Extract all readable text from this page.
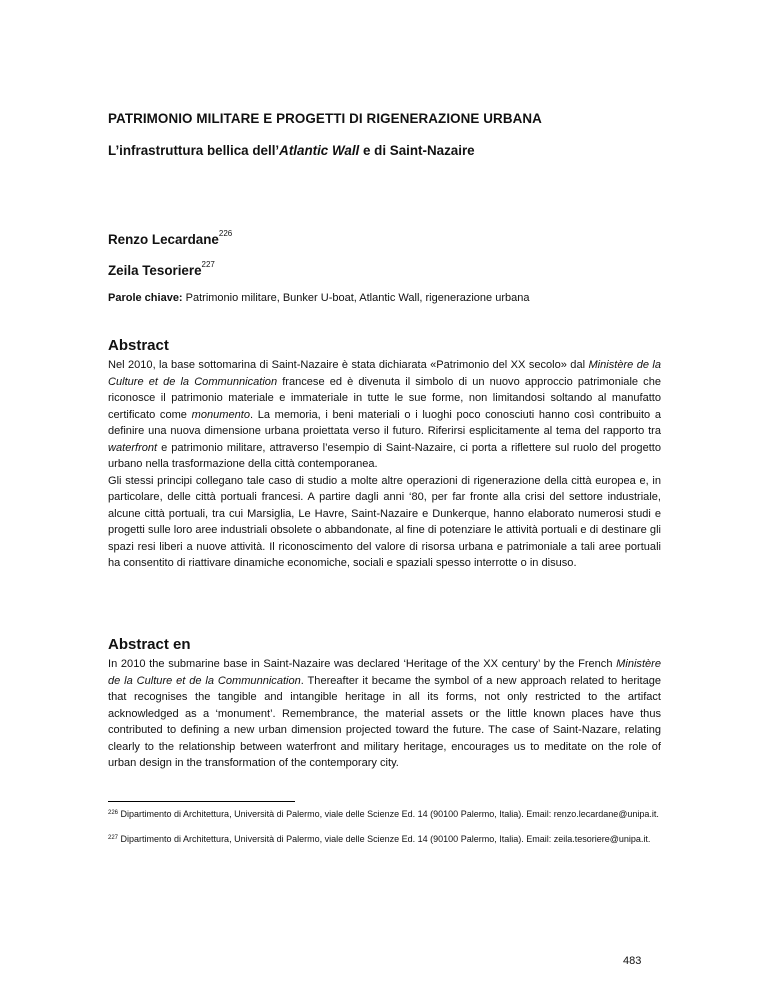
PATRIMONIO MILITARE E PROGETTI DI RIGENERAZIONE URBANA
L’infrastruttura bellica dell’Atlantic Wall e di Saint-Nazaire
Renzo Lecardane$^{226}$
Zeila Tesoriere$^{227}$
Parole chiave: Patrimonio militare, Bunker U-boat, Atlantic Wall, rigenerazione urbana
Abstract

Nel 2010, la base sottomarina di Saint-Nazaire è stata dichiarata «Patrimonio del XX secolo» dal Ministère de la Culture et de la Communnication francese ed è divenuta il simbolo di un nuovo approccio patrimoniale che riconosce il patrimonio materiale e immateriale in tutte le sue forme, non limitandosi soltando al manufatto certificato come monumento. La memoria, i beni materiali o i luoghi poco conosciuti hanno così contribuito a definire una nuova dimensione urbana proiettata verso il futuro. Riferirsi esplicitamente al tema del rapporto tra waterfront e patrimonio militare, attraverso l’esempio di Saint-Nazaire, ci porta a riflettere sul ruolo del progetto urbano nella trasformazione della città contemporanea.

Gli stessi principi collegano tale caso di studio a molte altre operazioni di rigenerazione della città europea e, in particolare, delle città portuali francesi. A partire dagli anni ‘80, per far fronte alla crisi del settore industriale, alcune città portuali, tra cui Marsiglia, Le Havre, Saint-Nazaire e Dunkerque, hanno elaborato numerosi studi e progetti sulle loro aree industriali obsolete o abbandonate, al fine di potenziare le attività portuali e di destinare gli spazi resi liberi a nuove attività. Il riconoscimento del valore di risorsa urbana e patrimoniale a tali aree portuali ha consentito di riattivare dinamiche economiche, sociali e spaziali spesso interrotte o in disuso.

Abstract en

In 2010 the submarine base in Saint-Nazaire was declared ‘Heritage of the XX century’ by the French Ministère de la Culture et de la Communnication. Thereafter it became the symbol of a new approach related to heritage that recognises the tangible and intangible heritage in all its forms, not only restricted to the artifact acknowledged as a ‘monument’. Remembrance, the material assets or the little known places have thus contributed to defining a new urban dimension projected toward the future. The case of Saint-Nazare, relating clearly to the relationship between waterfront and military heritage, encourages us to meditate on the role of urban design in the transformation of the contemporary city.

$^{226}$ Dipartimento di Architettura, Università di Palermo, viale delle Scienze Ed. 14 (90100 Palermo, Italia). Email: renzo.lecardane@unipa.it.
$^{227}$ Dipartimento di Architettura, Università di Palermo, viale delle Scienze Ed. 14 (90100 Palermo, Italia). Email: zeila.tesoriere@unipa.it.
483
